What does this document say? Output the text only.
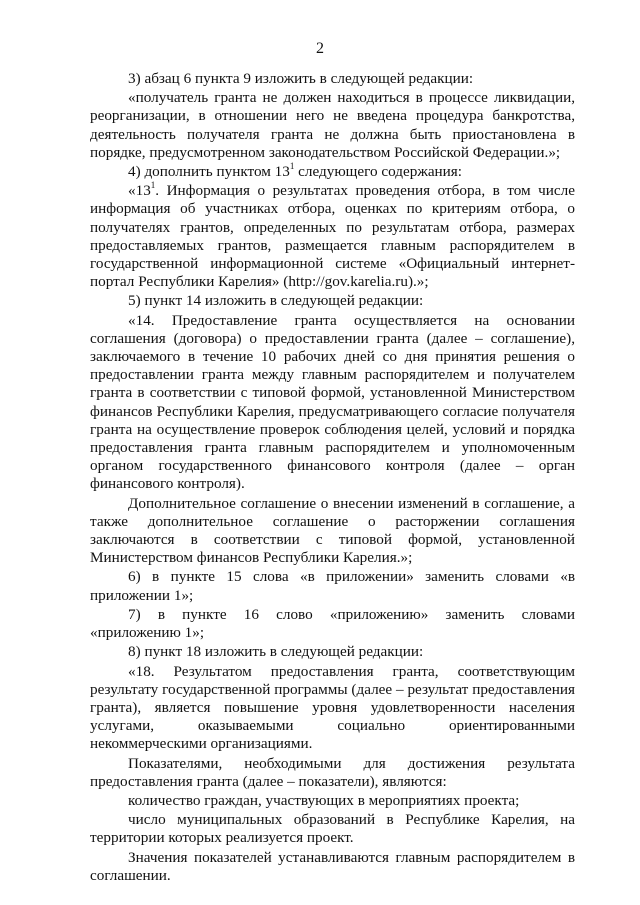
2

3) абзац 6 пункта 9 изложить в следующей редакции:

«получатель гранта не должен находиться в процессе ликвидации, реорганизации, в отношении него не введена процедура банкротства, деятельность получателя гранта не должна быть приостановлена в порядке, предусмотренном законодательством Российской Федерации.»;

4) дополнить пунктом $13^1$ следующего содержания:

«$13^1$. Информация о результатах проведения отбора, в том числе информация об участниках отбора, оценках по критериям отбора, о получателях грантов, определенных по результатам отбора, размерах предоставляемых грантов, размещается главным распорядителем в государственной информационной системе «Официальный интернет-портал Республики Карелия» (http://gov.karelia.ru).»;

5) пункт 14 изложить в следующей редакции:

«14. Предоставление гранта осуществляется на основании соглашения (договора) о предоставлении гранта (далее – соглашение), заключаемого в течение 10 рабочих дней со дня принятия решения о предоставлении гранта между главным распорядителем и получателем гранта в соответствии с типовой формой, установленной Министерством финансов Республики Карелия, предусматривающего согласие получателя гранта на осуществление проверок соблюдения целей, условий и порядка предоставления гранта главным распорядителем и уполномоченным органом государственного финансового контроля (далее – орган финансового контроля).

Дополнительное соглашение о внесении изменений в соглашение, а также дополнительное соглашение о расторжении соглашения заключаются в соответствии с типовой формой, установленной Министерством финансов Республики Карелия.»;

6) в пункте 15 слова «в приложении» заменить словами «в приложении 1»;

7) в пункте 16 слово «приложению» заменить словами «приложению 1»;

8) пункт 18 изложить в следующей редакции:

«18. Результатом предоставления гранта, соответствующим результату государственной программы (далее – результат предоставления гранта), является повышение уровня удовлетворенности населения услугами, оказываемыми социально ориентированными некоммерческими организациями.

Показателями, необходимыми для достижения результата предоставления гранта (далее – показатели), являются:

количество граждан, участвующих в мероприятиях проекта;

число муниципальных образований в Республике Карелия, на территории которых реализуется проект.

Значения показателей устанавливаются главным распорядителем в соглашении.
